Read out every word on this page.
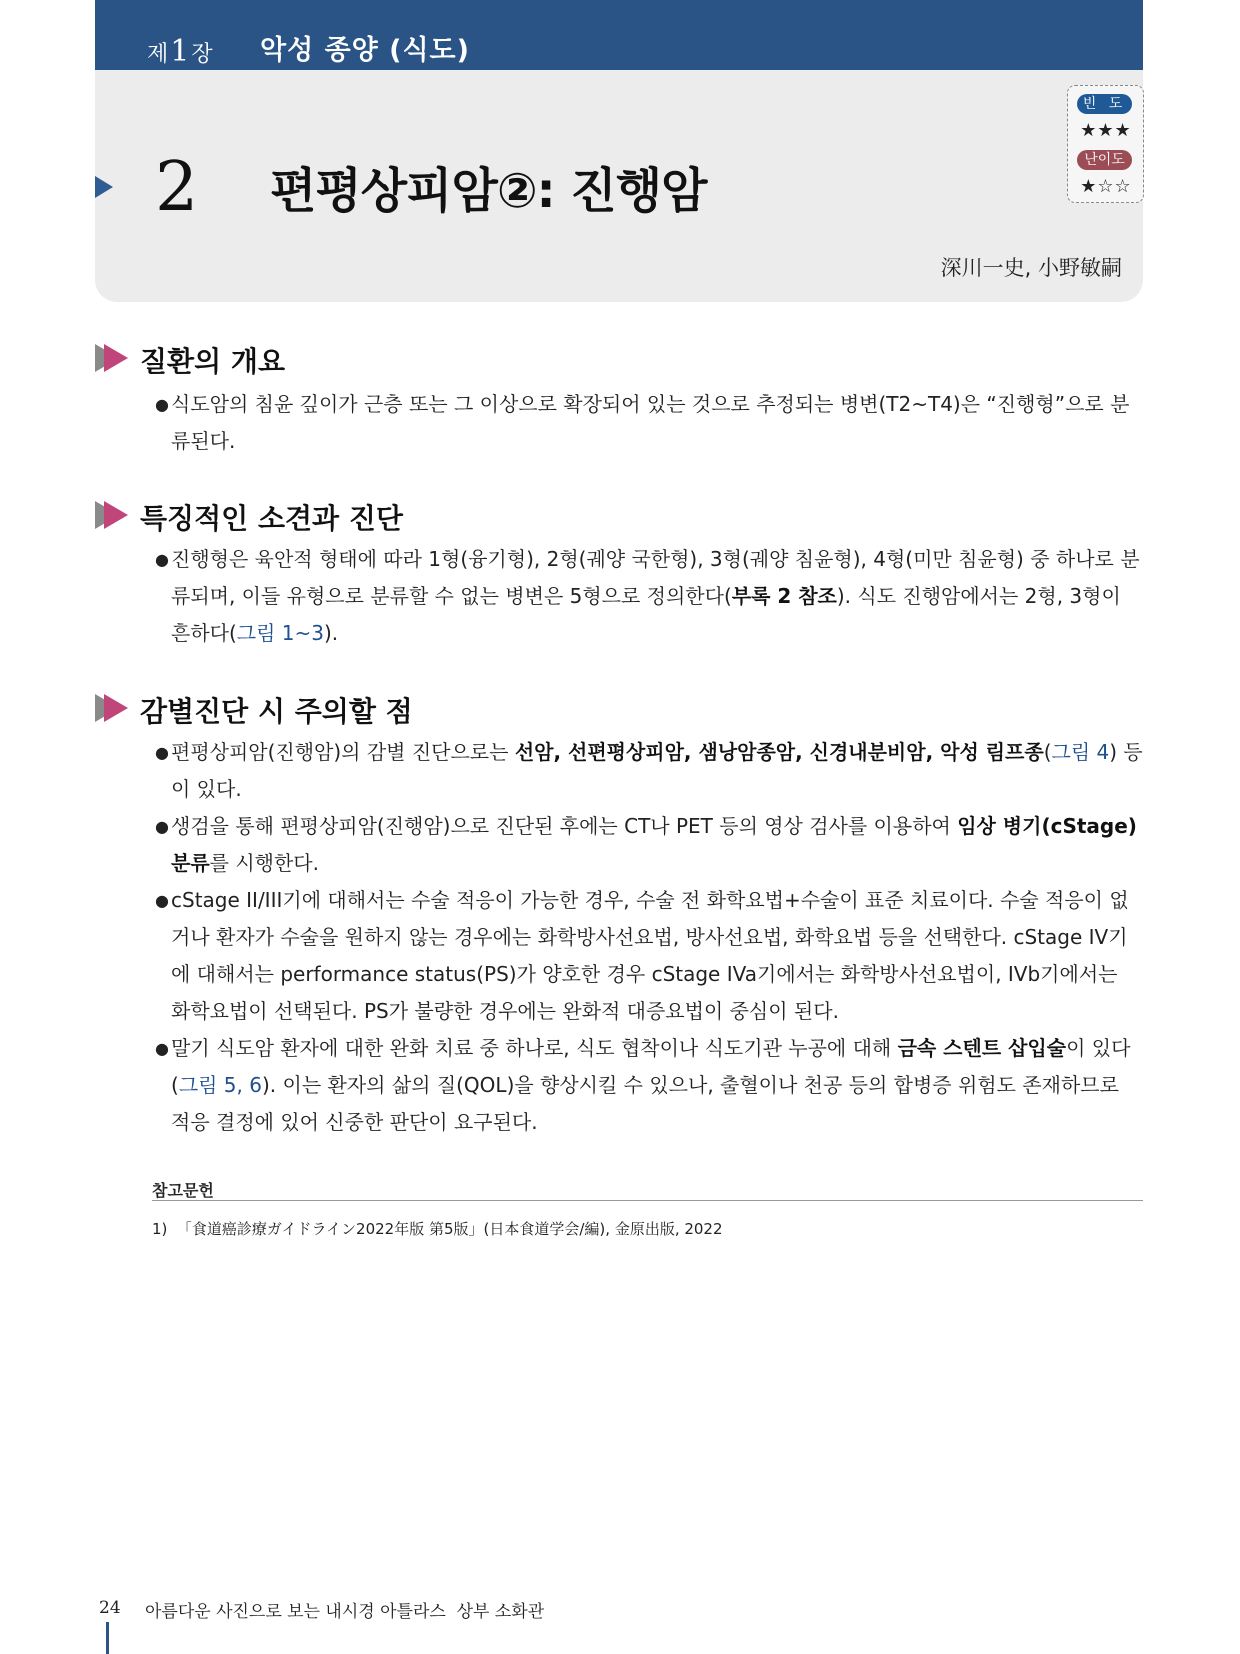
제1장 악성 종양 (식도)
2 편평상피암②: 진행암
深川一史, 小野敏嗣
빈 도
★★★
난이도
★☆☆
질환의 개요
● 식도암의 침윤 깊이가 근층 또는 그 이상으로 확장되어 있는 것으로 추정되는 병변(T2~T4)은 “진행형”으로 분류된다.
특징적인 소견과 진단
● 진행형은 육안적 형태에 따라 1형(융기형), 2형(궤양 국한형), 3형(궤양 침윤형), 4형(미만 침윤형) 중 하나로 분류되며, 이들 유형으로 분류할 수 없는 병변은 5형으로 정의한다(부록 2 참조). 식도 진행암에서는 2형, 3형이 흔하다(그림 1~3).
감별진단 시 주의할 점
● 편평상피암(진행암)의 감별 진단으로는 선암, 선편평상피암, 샘낭암종암, 신경내분비암, 악성 림프종(그림 4) 등이 있다.
● 생검을 통해 편평상피암(진행암)으로 진단된 후에는 CT나 PET 등의 영상 검사를 이용하여 임상 병기(cStage) 분류를 시행한다.
● cStage II/III기에 대해서는 수술 적응이 가능한 경우, 수술 전 화학요법+수술이 표준 치료이다. 수술 적응이 없거나 환자가 수술을 원하지 않는 경우에는 화학방사선요법, 방사선요법, 화학요법 등을 선택한다. cStage IV기에 대해서는 performance status(PS)가 양호한 경우 cStage IVa기에서는 화학방사선요법이, IVb기에서는 화학요법이 선택된다. PS가 불량한 경우에는 완화적 대증요법이 중심이 된다.
● 말기 식도암 환자에 대한 완화 치료 중 하나로, 식도 협착이나 식도기관 누공에 대해 금속 스텐트 삽입술이 있다(그림 5, 6). 이는 환자의 삶의 질(QOL)을 향상시킬 수 있으나, 출혈이나 천공 등의 합병증 위험도 존재하므로 적응 결정에 있어 신중한 판단이 요구된다.
참고문헌
1)  「食道癌診療ガイドライン2022年版 第5版」(日本食道学会/編), 金原出版, 2022
24 아름다운 사진으로 보는 내시경 아틀라스  상부 소화관
